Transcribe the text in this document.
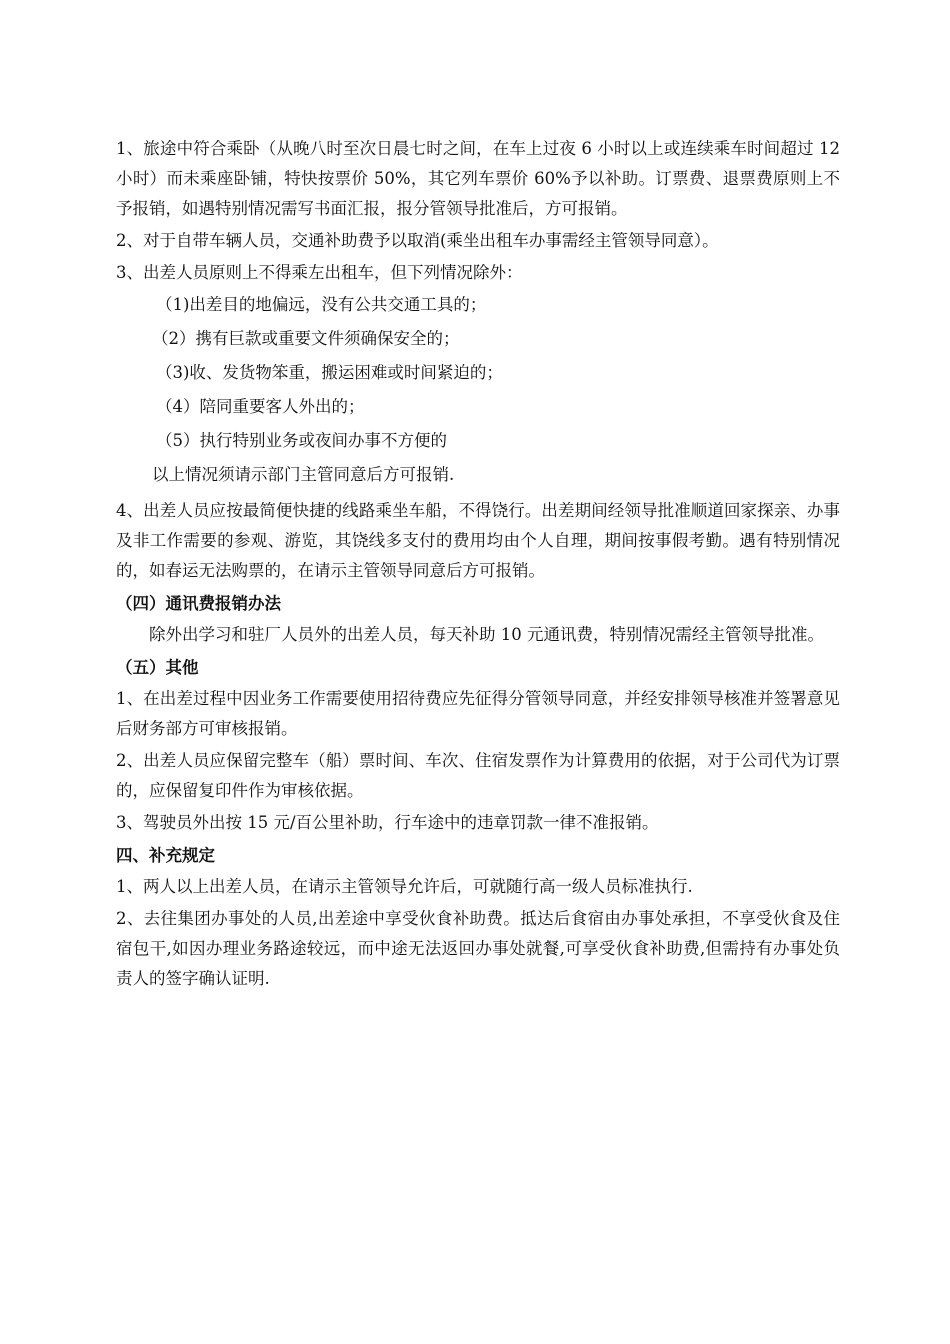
1、旅途中符合乘卧（从晚八时至次日晨七时之间，在车上过夜 6 小时以上或连续乘车时间超过 12 小时）而未乘座卧铺，特快按票价 50%，其它列车票价 60%予以补助。订票费、退票费原则上不予报销，如遇特别情况需写书面汇报，报分管领导批准后，方可报销。

2、对于自带车辆人员，交通补助费予以取消(乘坐出租车办事需经主管领导同意）。

3、出差人员原则上不得乘左出租车，但下列情况除外：

（1)出差目的地偏远，没有公共交通工具的；

（2）携有巨款或重要文件须确保安全的；

（3)收、发货物笨重，搬运困难或时间紧迫的；

（4）陪同重要客人外出的；

（5）执行特别业务或夜间办事不方便的

以上情况须请示部门主管同意后方可报销.

4、出差人员应按最简便快捷的线路乘坐车船，不得饶行。出差期间经领导批准顺道回家探亲、办事及非工作需要的参观、游览，其饶线多支付的费用均由个人自理，期间按事假考勤。遇有特别情况的，如春运无法购票的，在请示主管领导同意后方可报销。

（四）通讯费报销办法

除外出学习和驻厂人员外的出差人员，每天补助 10 元通讯费，特别情况需经主管领导批准。

（五）其他

1、在出差过程中因业务工作需要使用招待费应先征得分管领导同意，并经安排领导核准并签署意见后财务部方可审核报销。

2、出差人员应保留完整车（船）票时间、车次、住宿发票作为计算费用的依据，对于公司代为订票的，应保留复印件作为审核依据。

3、驾驶员外出按 15 元/百公里补助，行车途中的违章罚款一律不准报销。

四、补充规定

1、两人以上出差人员，在请示主管领导允许后，可就随行高一级人员标准执行.

2、去往集团办事处的人员,出差途中享受伙食补助费。抵达后食宿由办事处承担，不享受伙食及住宿包干,如因办理业务路途较远，而中途无法返回办事处就餐,可享受伙食补助费,但需持有办事处负责人的签字确认证明.
